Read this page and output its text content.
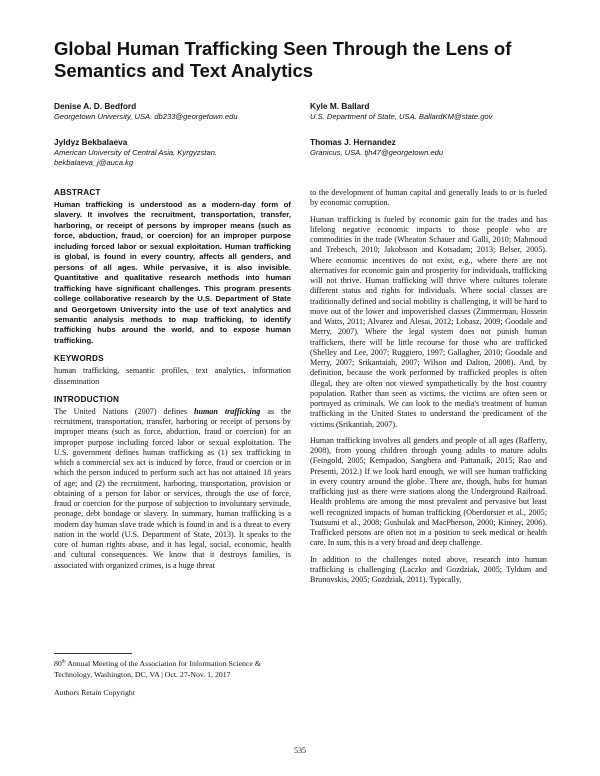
Global Human Trafficking Seen Through the Lens of Semantics and Text Analytics
Denise A. D. Bedford
Georgetown University, USA. db233@georgetown.edu
Kyle M. Ballard
U.S. Department of State, USA. BallardKM@state.gov
Jyldyz Bekbalaeva
American University of Central Asia, Kyrgyzstan. bekbalaeva_j@auca.kg
Thomas J. Hernandez
Granicus, USA. tjh47@georgetown.edu
ABSTRACT
Human trafficking is understood as a modern-day form of slavery. It involves the recruitment, transportation, transfer, harboring, or receipt of persons by improper means (such as force, abduction, fraud, or coercion) for an improper purpose including forced labor or sexual exploitation. Human trafficking is global, is found in every country, affects all genders, and persons of all ages. While pervasive, it is also invisible. Quantitative and qualitative research methods into human trafficking have significant challenges. This program presents college collaborative research by the U.S. Department of State and Georgetown University into the use of text analytics and semantic analysis methods to map trafficking, to identify trafficking hubs around the world, and to expose human trafficking.
KEYWORDS
human trafficking, semantic profiles, text analytics, information dissemination
INTRODUCTION
The United Nations (2007) defines human trafficking as the recruitment, transportation, transfer, harboring or receipt of persons by improper means (such as force, abduction, fraud or coercion) for an improper purpose including forced labor or sexual exploitation. The U.S. government defines human trafficking as (1) sex trafficking in which a commercial sex act is induced by force, fraud or coercion or in which the person induced to perform such act has not attained 18 years of age; and (2) the recruitment, harboring, transportation, provision or obtaining of a person for labor or services, through the use of force, fraud or coercion for the purpose of subjection to involuntary servitude, peonage, debt bondage or slavery. In summary, human trafficking is a modern day human slave trade which is found in and is a threat to every nation in the world (U.S. Department of State, 2013). It speaks to the core of human rights abuse, and it has legal, social, economic, health and cultural consequences. We know that it destroys families, is associated with organized crimes, is a huge threat
to the development of human capital and generally leads to or is fueled by economic corruption.
Human trafficking is fueled by economic gain for the trades and has lifelong negative economic impacts to those people who are commodities in the trade (Wheaton Schauer and Galli, 2010; Mahmoud and Trebesch, 2010; Jakobsson and Kotsadam; 2013; Belser, 2005). Where economic incentives do not exist, e.g., where there are not alternatives for economic gain and prosperity for individuals, trafficking will not thrive. Human trafficking will thrive where cultures tolerate different status and rights for individuals. Where social classes are traditionally defined and social mobility is challenging, it will be hard to move out of the lower and impoverished classes (Zimmerman, Hossein and Watts, 2011; Alvarez and Alesai, 2012; Lobasz, 2009; Goodale and Merry, 2007). Where the legal system does not punish human traffickers, there will be little recourse for those who are trafficked (Shelley and Lee, 2007; Ruggiero, 1997; Gallagher, 2010; Goodale and Merry, 2007; Srikantaiah, 2007; Wilson and Dalton, 2008). And, by definition, because the work performed by trafficked peoples is often illegal, they are often not viewed sympathetically by the host country population. Rather than seen as victims, the victims are often seen or portrayed as criminals. We can look to the media's treatment of human trafficking in the United States to understand the predicament of the victims (Srikantiah, 2007).
Human trafficking involves all genders and people of all ages (Rafferty, 2008), from young children through young adults to mature adults (Feingold, 2005; Kempadoo, Sanghera and Pattanaik, 2015; Rao and Presenti, 2012.) If we look hard enough, we will see human trafficking in every country around the globe. There are, though, hubs for human trafficking just as there were stations along the Underground Railroad. Health problems are among the most prevalent and pervasive but least well recognized impacts of human trafficking (Oberdorster et al., 2005; Tsutsumi et al., 2008; Gushulak and MacPherson, 2000; Kinney, 2006). Trafficked persons are often not in a position to seek medical or health care. In sum, this is a very broad and deep challenge.
In addition to the challenges noted above, research into human trafficking is challenging (Laczko and Gozdziak, 2005; Tyldum and Brunovskis, 2005; Gozdziak, 2011). Typically,
80th Annual Meeting of the Association for Information Science & Technology, Washington, DC, VA | Oct. 27-Nov. 1, 2017
Authors Retain Copyright
535
